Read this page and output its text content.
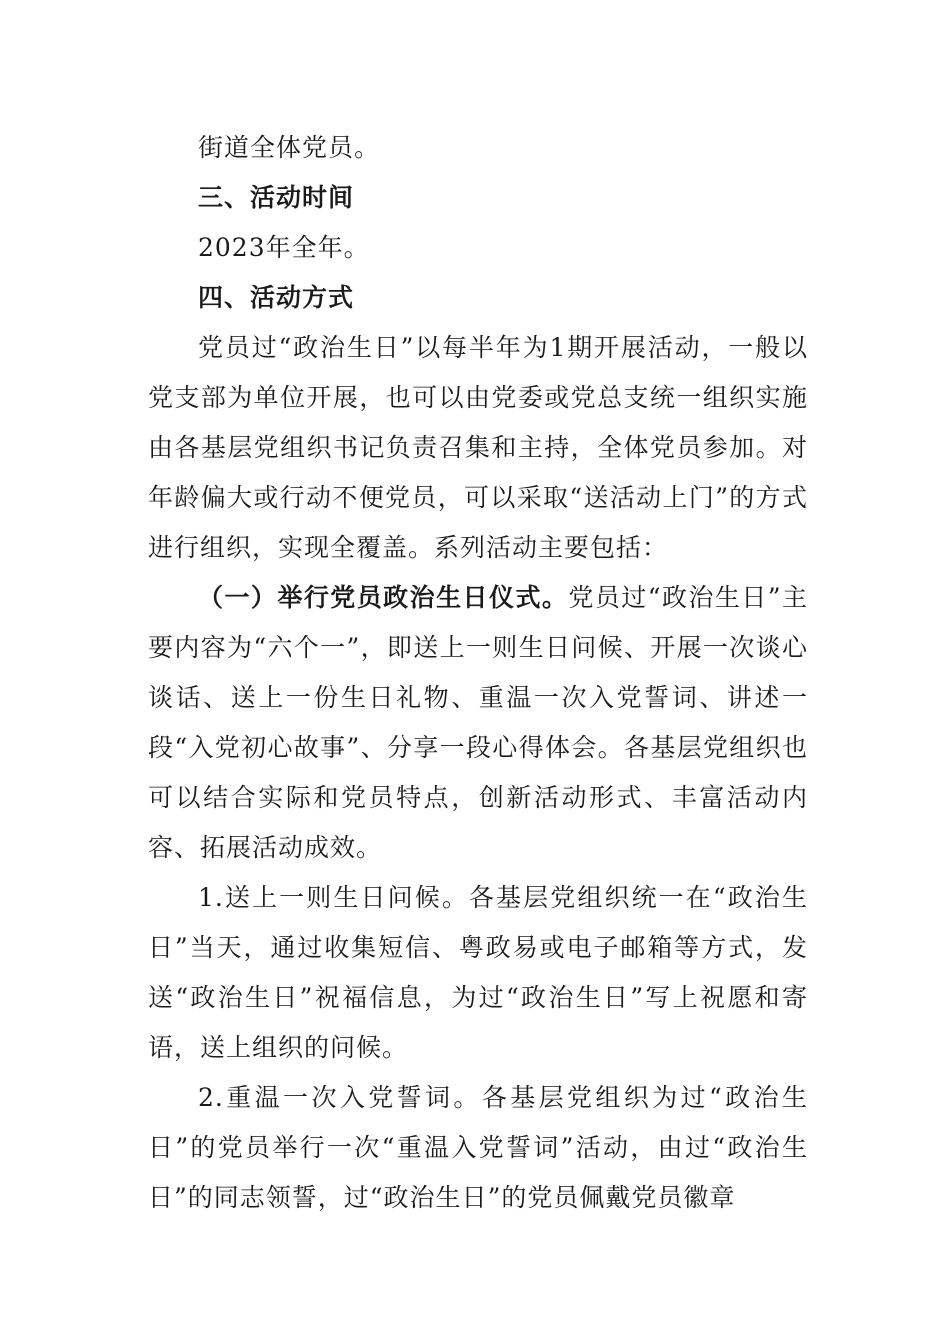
街道全体党员。

三、活动时间

2023年全年。

四、活动方式

党员过“政治生日”以每半年为1期开展活动，一般以党支部为单位开展，也可以由党委或党总支统一组织实施由各基层党组织书记负责召集和主持，全体党员参加。对年龄偏大或行动不便党员，可以采取“送活动上门”的方式进行组织，实现全覆盖。系列活动主要包括：

（一）举行党员政治生日仪式。党员过“政治生日”主要内容为“六个一”，即送上一则生日问候、开展一次谈心谈话、送上一份生日礼物、重温一次入党誓词、讲述一段“入党初心故事”、分享一段心得体会。各基层党组织也可以结合实际和党员特点，创新活动形式、丰富活动内容、拓展活动成效。

1.送上一则生日问候。各基层党组织统一在“政治生日”当天，通过收集短信、粤政易或电子邮箱等方式，发送“政治生日”祝福信息，为过“政治生日”写上祝愿和寄语，送上组织的问候。

2.重温一次入党誓词。各基层党组织为过“政治生日”的党员举行一次“重温入党誓词”活动，由过“政治生日”的同志领誓，过“政治生日”的党员佩戴党员徽章
